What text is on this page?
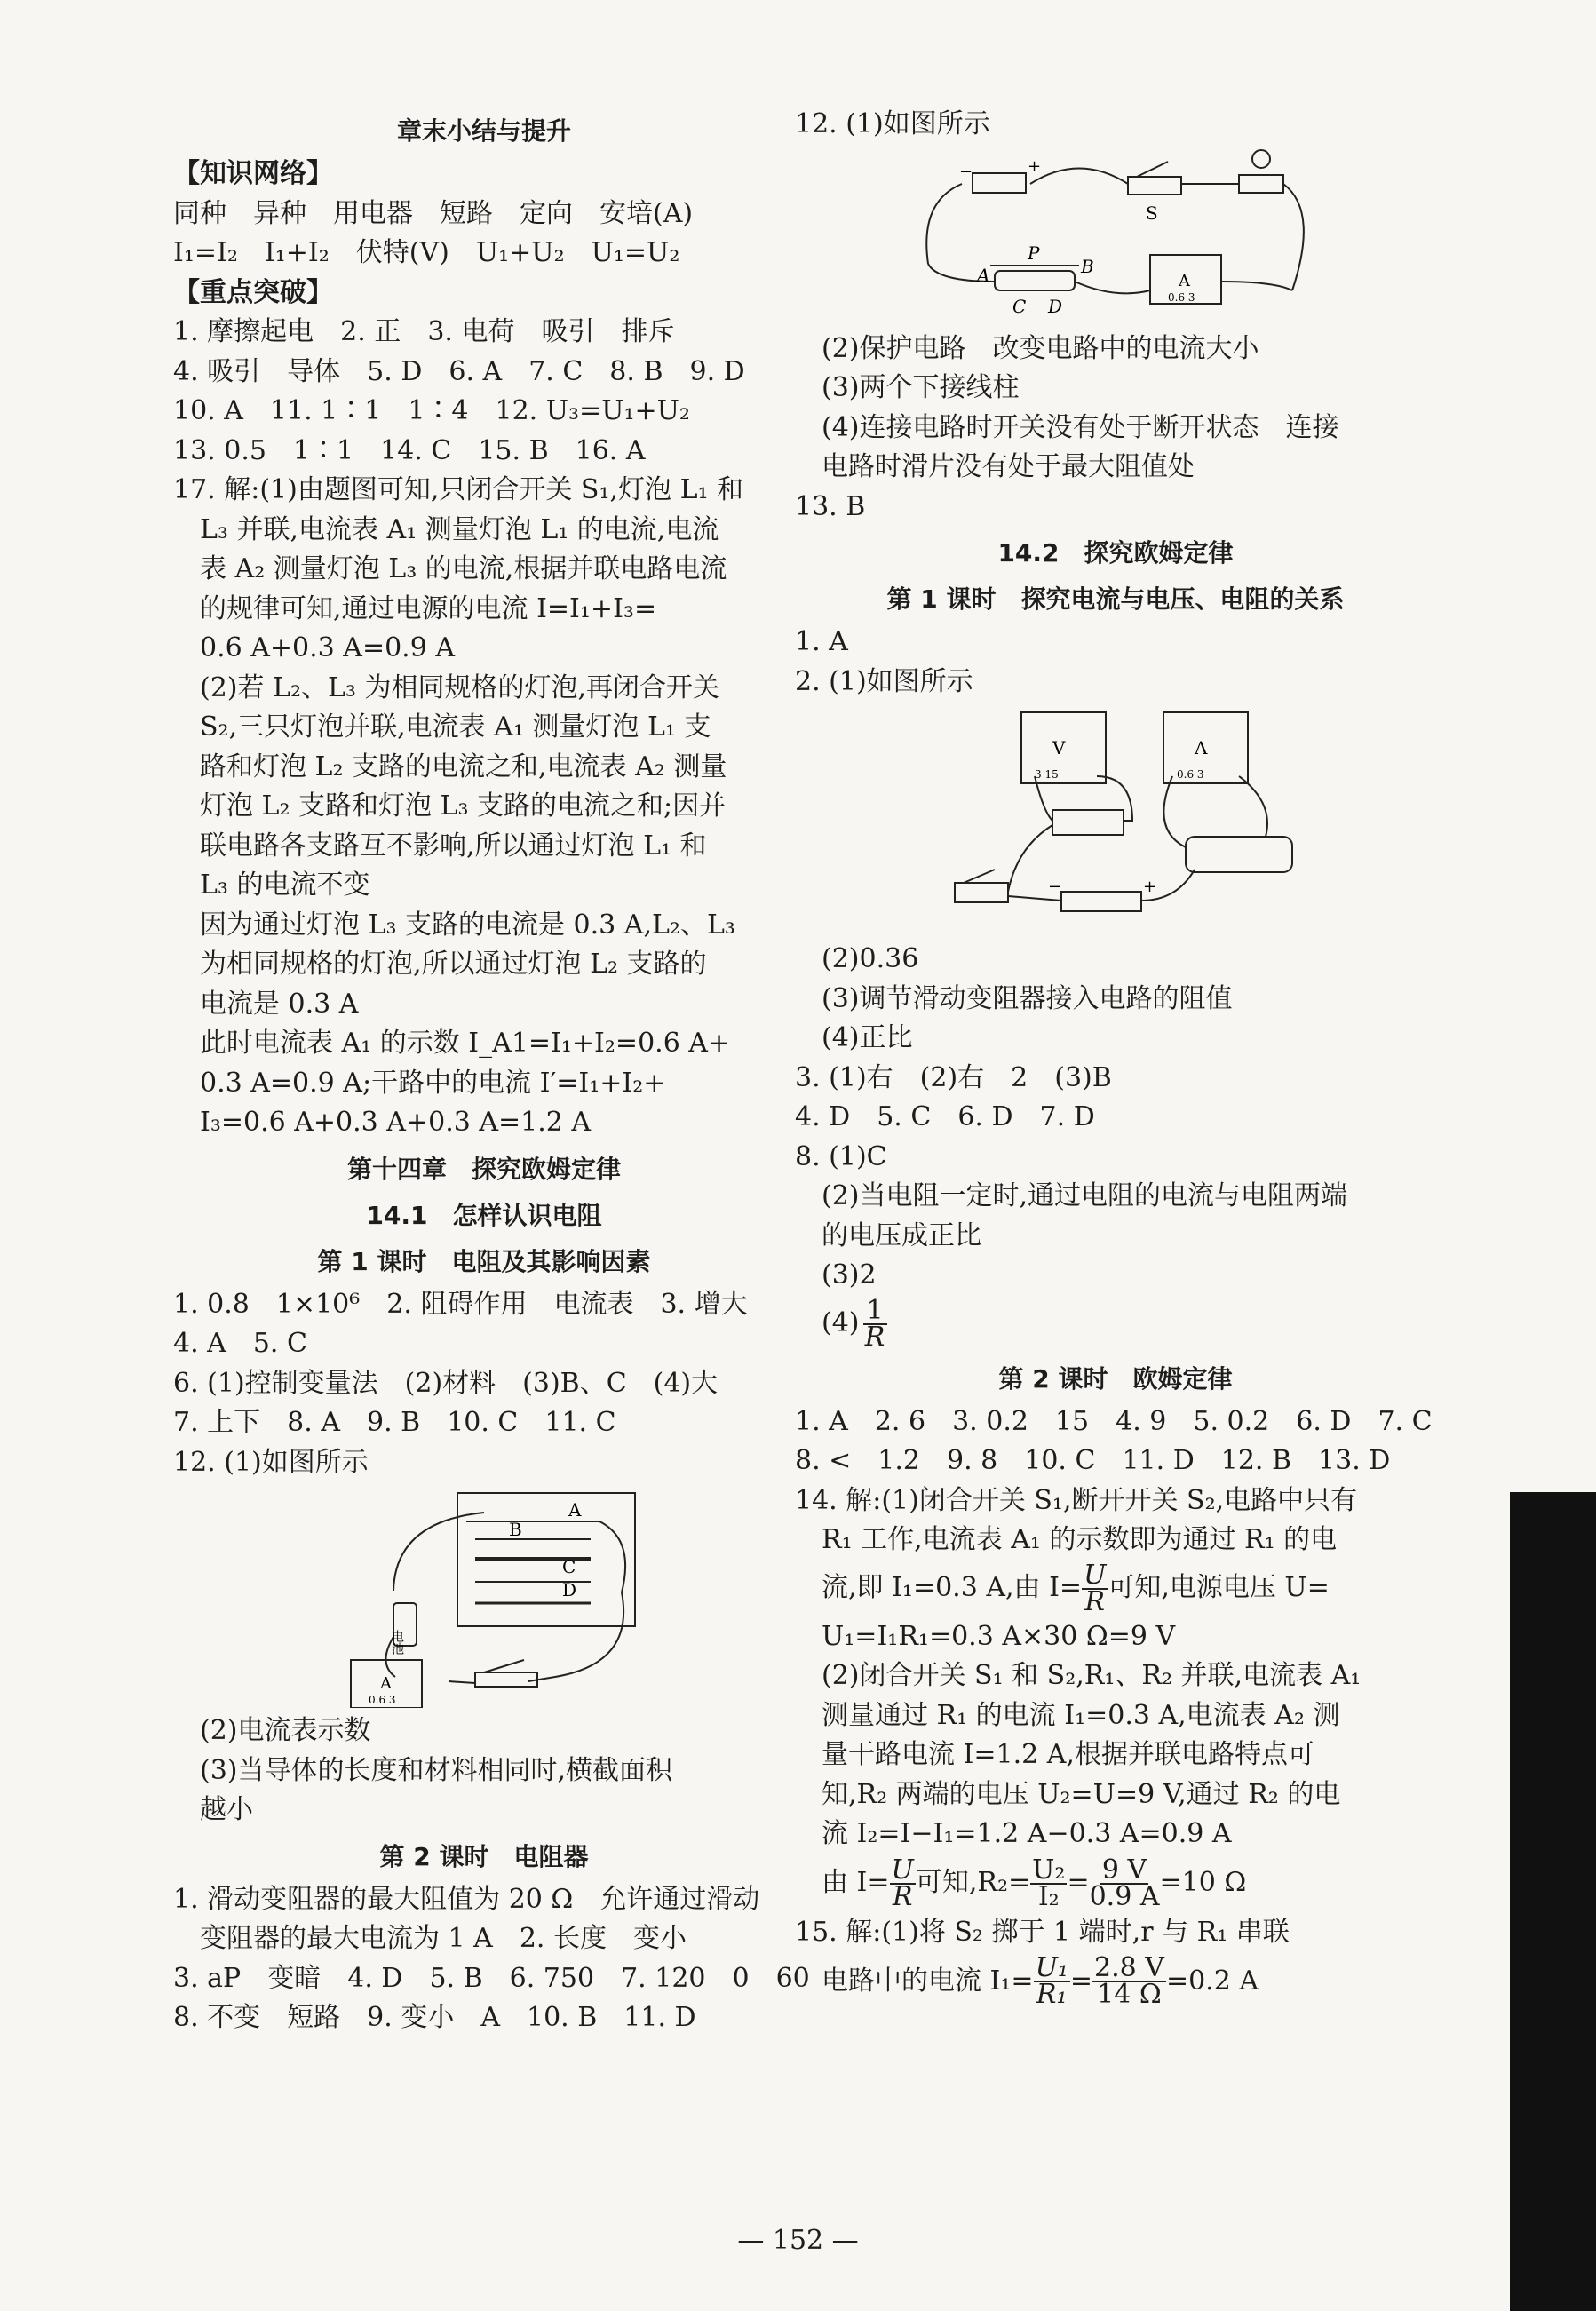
章末小结与提升
【知识网络】
同种　异种　用电器　短路　定向　安培(A)
I₁=I₂　I₁+I₂　伏特(V)　U₁+U₂　U₁=U₂
【重点突破】
1. 摩擦起电　2. 正　3. 电荷　吸引　排斥
4. 吸引　导体　5. D　6. A　7. C　8. B　9. D
10. A　11. 1∶1　1∶4　12. U₃=U₁+U₂
13. 0.5　1∶1　14. C　15. B　16. A
17. 解:(1)由题图可知,只闭合开关 S₁,灯泡 L₁ 和
L₃ 并联,电流表 A₁ 测量灯泡 L₁ 的电流,电流
表 A₂ 测量灯泡 L₃ 的电流,根据并联电路电流
的规律可知,通过电源的电流 I=I₁+I₃=
0.6 A+0.3 A=0.9 A
(2)若 L₂、L₃ 为相同规格的灯泡,再闭合开关
S₂,三只灯泡并联,电流表 A₁ 测量灯泡 L₁ 支
路和灯泡 L₂ 支路的电流之和,电流表 A₂ 测量
灯泡 L₂ 支路和灯泡 L₃ 支路的电流之和;因并
联电路各支路互不影响,所以通过灯泡 L₁ 和
L₃ 的电流不变
因为通过灯泡 L₃ 支路的电流是 0.3 A,L₂、L₃
为相同规格的灯泡,所以通过灯泡 L₂ 支路的
电流是 0.3 A
此时电流表 A₁ 的示数 I_A1=I₁+I₂=0.6 A+
0.3 A=0.9 A;干路中的电流 I′=I₁+I₂+
I₃=0.6 A+0.3 A+0.3 A=1.2 A
第十四章　探究欧姆定律
14.1　怎样认识电阻
第 1 课时　电阻及其影响因素
1. 0.8　1×10⁶　2. 阻碍作用　电流表　3. 增大
4. A　5. C
6. (1)控制变量法　(2)材料　(3)B、C　(4)大
7. 上下　8. A　9. B　10. C　11. C
12. (1)如图所示
电池
A
0.6 3
A
B
C
D
(2)电流表示数
(3)当导体的长度和材料相同时,横截面积
越小
第 2 课时　电阻器
1. 滑动变阻器的最大阻值为 20 Ω　允许通过滑动
变阻器的最大电流为 1 A　2. 长度　变小
3. aP　变暗　4. D　5. B　6. 750　7. 120　0　60
8. 不变　短路　9. 变小　A　10. B　11. D
12. (1)如图所示
−	+
S
A
P
B
C D
A
0.6 3
(2)保护电路　改变电路中的电流大小
(3)两个下接线柱
(4)连接电路时开关没有处于断开状态　连接
电路时滑片没有处于最大阻值处
13. B
14.2　探究欧姆定律
第 1 课时　探究电流与电压、电阻的关系
1. A
2. (1)如图所示
V	A
−	+
0.6 3
3 15
(2)0.36
(3)调节滑动变阻器接入电路的阻值
(4)正比
3. (1)右　(2)右　2　(3)B
4. D　5. C　6. D　7. D
8. (1)C
(2)当电阻一定时,通过电阻的电流与电阻两端
的电压成正比
(3)2
$(4) \frac{1}{R}$
第 2 课时　欧姆定律
1. A　2. 6　3. 0.2　15　4. 9　5. 0.2　6. D　7. C
8. <　1.2　9. 8　10. C　11. D　12. B　13. D
14. 解:(1)闭合开关 S₁,断开开关 S₂,电路中只有
R₁ 工作,电流表 A₁ 的示数即为通过 R₁ 的电
流,即 I₁=0.3 A,由 $I= \frac{U}{R}$ 可知,电源电压 U=
U₁=I₁R₁=0.3 A×30 Ω=9 V
(2)闭合开关 S₁ 和 S₂,R₁、R₂ 并联,电流表 A₁
测量通过 R₁ 的电流 I₁=0.3 A,电流表 A₂ 测
量干路电流 I=1.2 A,根据并联电路特点可
知,R₂ 两端的电压 U₂=U=9 V,通过 R₂ 的电
流 I₂=I−I₁=1.2 A−0.3 A=0.9 A
由 $I= \frac{U}{R}$ 可知$,R_2= \frac{\text{U₂}}{\text{I₂}} = \frac{9 V}{0.9 A} =10$ Ω
15. 解:(1)将 S₂ 掷于 1 端时,r 与 R₁ 串联
电路中的电流 $I_1= \frac{\text{U₁}}{\text{R₁}} = \frac{2.8 V}{14 \Omega} =0.2$ A
— 152 —
